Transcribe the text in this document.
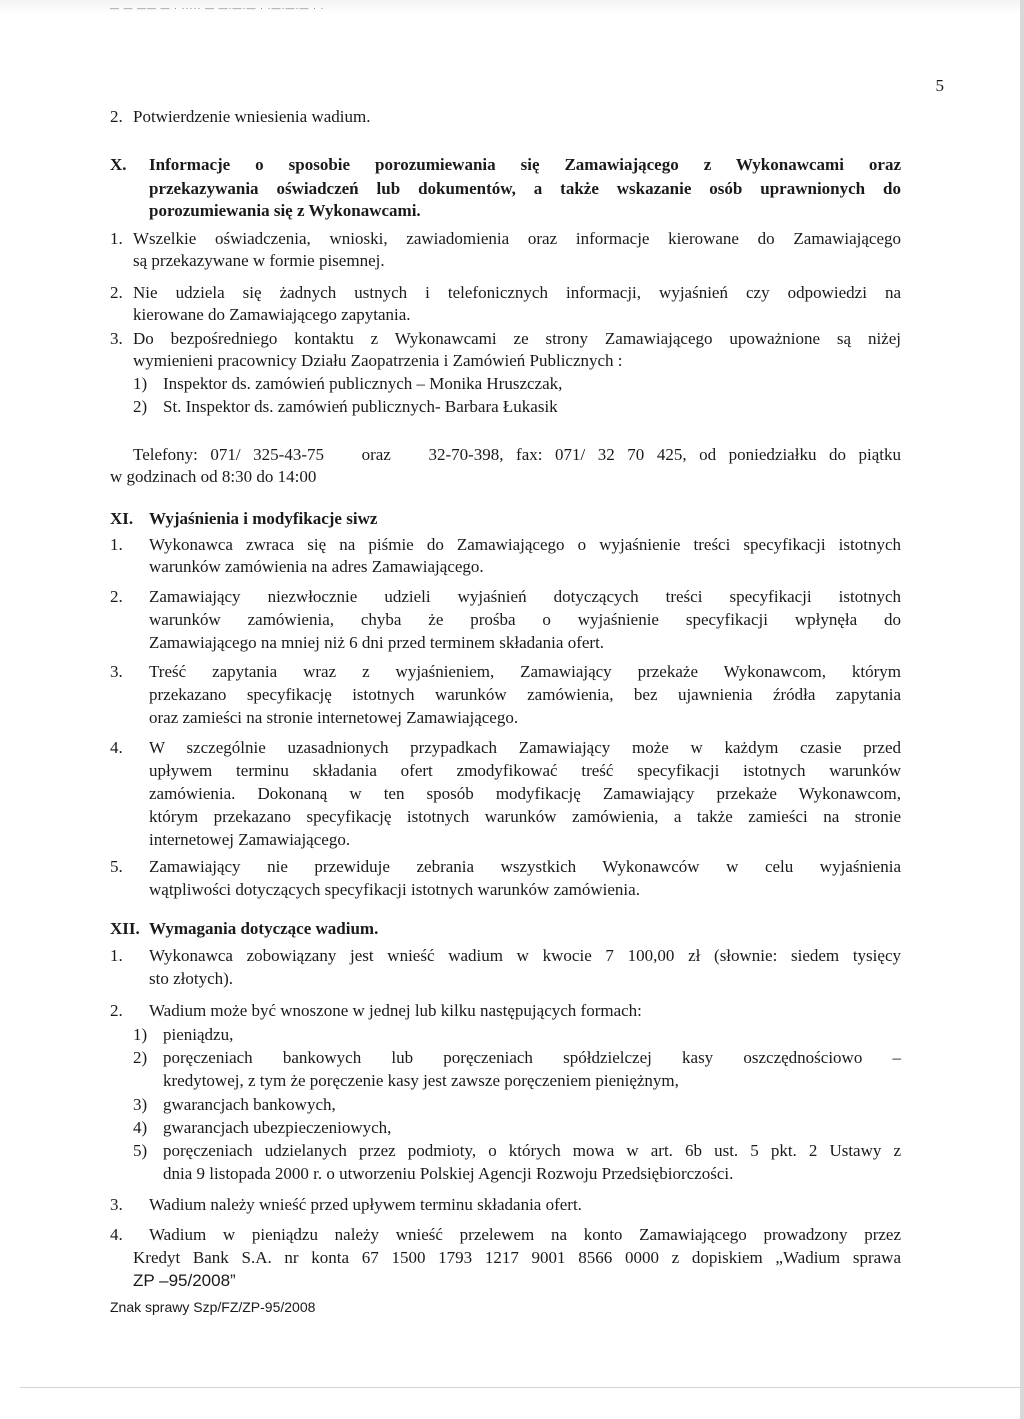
— — —— — · ····· — —·—·— · ·—·—·— · ·
5
2. Potwierdzenie wniesienia wadium.
X. Informacje o sposobie porozumiewania się Zamawiającego z Wykonawcami oraz
przekazywania oświadczeń lub dokumentów, a także wskazanie osób uprawnionych do
porozumiewania się z Wykonawcami.
1. Wszelkie oświadczenia, wnioski, zawiadomienia oraz informacje kierowane do Zamawiającego
są przekazywane w formie pisemnej.
2. Nie udziela się żadnych ustnych i telefonicznych informacji, wyjaśnień czy odpowiedzi na
kierowane do Zamawiającego zapytania.
3. Do bezpośredniego kontaktu z Wykonawcami ze strony Zamawiającego upoważnione są niżej
wymienieni pracownicy Działu Zaopatrzenia i Zamówień Publicznych :
1) Inspektor ds. zamówień publicznych – Monika Hruszczak,
2) St. Inspektor ds. zamówień publicznych- Barbara Łukasik
Telefony: 071/ 325-43-75   oraz   32-70-398, fax: 071/ 32 70 425, od poniedziałku do piątku
w godzinach od 8:30 do 14:00
XI. Wyjaśnienia i modyfikacje siwz
1. Wykonawca zwraca się na piśmie do Zamawiającego o wyjaśnienie treści specyfikacji istotnych
warunków zamówienia na adres Zamawiającego.
2. Zamawiający niezwłocznie udzieli wyjaśnień dotyczących treści specyfikacji istotnych
warunków zamówienia, chyba że prośba o wyjaśnienie specyfikacji wpłynęła do
Zamawiającego na mniej niż 6 dni przed terminem składania ofert.
3. Treść zapytania wraz z wyjaśnieniem, Zamawiający przekaże Wykonawcom, którym
przekazano specyfikację istotnych warunków zamówienia, bez ujawnienia źródła zapytania
oraz zamieści na stronie internetowej Zamawiającego.
4. W szczególnie uzasadnionych przypadkach Zamawiający może w każdym czasie przed
upływem terminu składania ofert zmodyfikować treść specyfikacji istotnych warunków
zamówienia. Dokonaną w ten sposób modyfikację Zamawiający przekaże Wykonawcom,
którym przekazano specyfikację istotnych warunków zamówienia, a także zamieści na stronie
internetowej Zamawiającego.
5. Zamawiający nie przewiduje zebrania wszystkich Wykonawców w celu wyjaśnienia
wątpliwości dotyczących specyfikacji istotnych warunków zamówienia.
XII. Wymagania dotyczące wadium.
1. Wykonawca zobowiązany jest wnieść wadium w kwocie 7 100,00 zł (słownie: siedem tysięcy
sto złotych).
2. Wadium może być wnoszone w jednej lub kilku następujących formach:
1) pieniądzu,
2) poręczeniach bankowych lub poręczeniach spółdzielczej kasy oszczędnościowo –
kredytowej, z tym że poręczenie kasy jest zawsze poręczeniem pieniężnym,
3) gwarancjach bankowych,
4) gwarancjach ubezpieczeniowych,
5) poręczeniach udzielanych przez podmioty, o których mowa w art. 6b ust. 5 pkt. 2 Ustawy z
dnia 9 listopada 2000 r. o utworzeniu Polskiej Agencji Rozwoju Przedsiębiorczości.
3. Wadium należy wnieść przed upływem terminu składania ofert.
4. Wadium w pieniądzu należy wnieść przelewem na konto Zamawiającego prowadzony przez
Kredyt Bank S.A. nr konta 67 1500 1793 1217 9001 8566 0000 z dopiskiem „Wadium sprawa
ZP –95/2008”
Znak sprawy Szp/FZ/ZP-95/2008
